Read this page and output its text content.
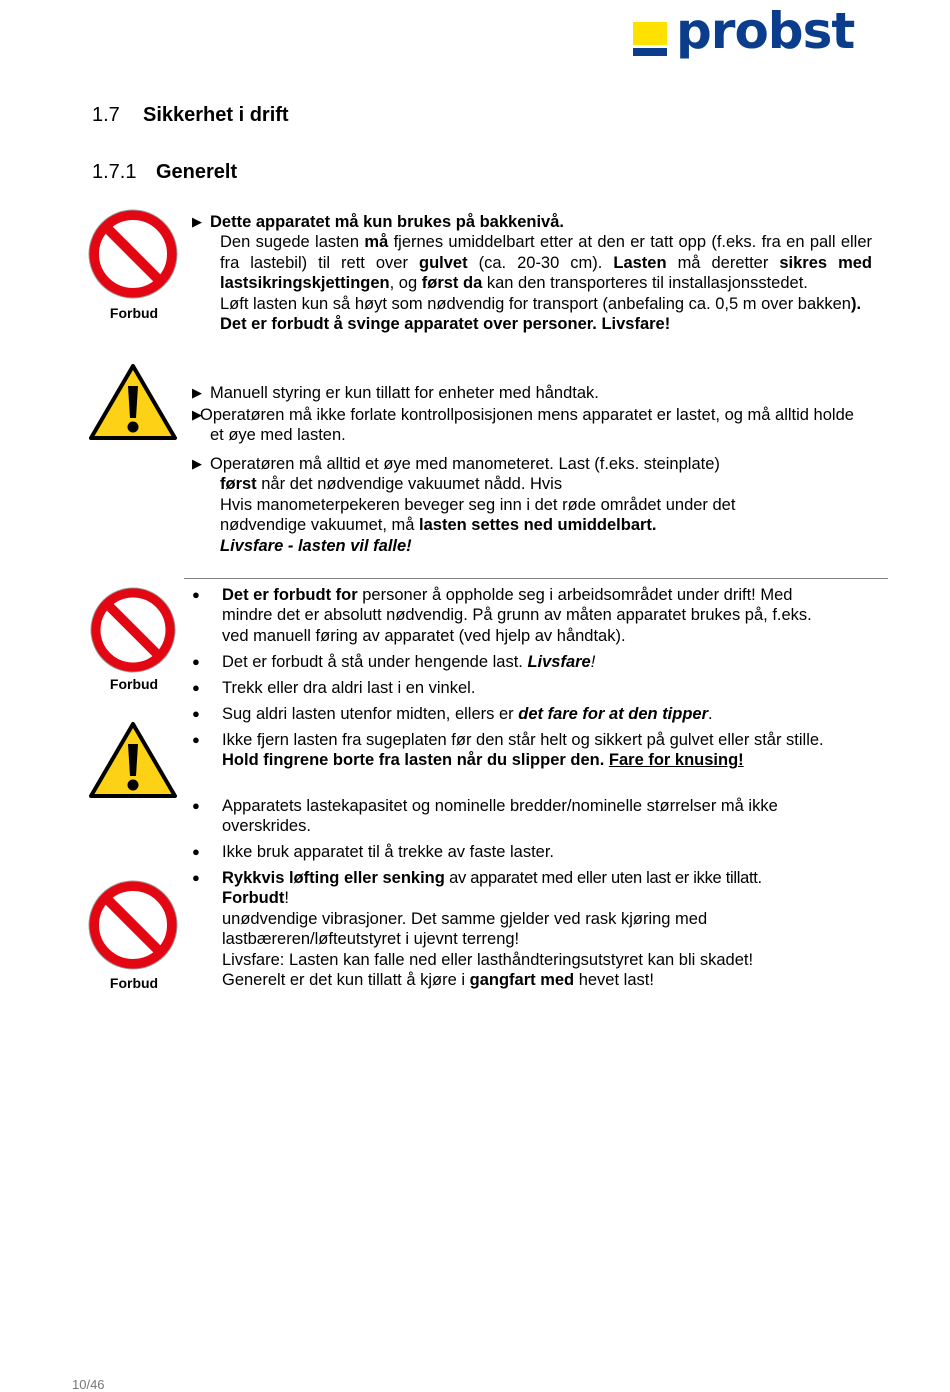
probst
1.7 Sikkerhet i drift
1.7.1 Generelt
Forbud
Forbud
Forbud
▶ Dette apparatet må kun brukes på bakkenivå.
Den sugede lasten må fjernes umiddelbart etter at den er tatt opp (f.eks. fra en pall eller fra lastebil) til rett over gulvet (ca. 20-30 cm). Lasten må deretter sikres med lastsikringskjettingen, og først da kan den transporteres til installasjonsstedet.
Løft lasten kun så høyt som nødvendig for transport (anbefaling ca. 0,5 m over bakken).
Det er forbudt å svinge apparatet over personer. Livsfare!
▶ Manuell styring er kun tillatt for enheter med håndtak.
▶
Operatøren må ikke forlate kontrollposisjonen mens apparatet er lastet, og må alltid holde et øye med lasten.
▶ Operatøren må alltid et øye med manometeret. Last (f.eks. steinplate)
først når det nødvendige vakuumet nådd. Hvis
Hvis manometerpekeren beveger seg inn i det røde området under det nødvendige vakuumet, må lasten settes ned umiddelbart.
Livsfare - lasten vil falle!
● Det er forbudt for personer å oppholde seg i arbeidsområdet under drift! Med mindre det er absolutt nødvendig. På grunn av måten apparatet brukes på, f.eks. ved manuell føring av apparatet (ved hjelp av håndtak).
● Det er forbudt å stå under hengende last. Livsfare!
● Trekk eller dra aldri last i en vinkel.
● Sug aldri lasten utenfor midten, ellers er det fare for at den tipper.
● Ikke fjern lasten fra sugeplaten før den står helt og sikkert på gulvet eller står stille.
Hold fingrene borte fra lasten når du slipper den. Fare for knusing!
● Apparatets lastekapasitet og nominelle bredder/nominelle størrelser må ikke overskrides.
● Ikke bruk apparatet til å trekke av faste laster.
● Rykkvis løfting eller senking av apparatet med eller uten last er ikke tillatt.
Forbudt!
unødvendige vibrasjoner. Det samme gjelder ved rask kjøring med lastbæreren/løfteutstyret i ujevnt terreng!
Livsfare: Lasten kan falle ned eller lasthåndteringsutstyret kan bli skadet!
Generelt er det kun tillatt å kjøre i gangfart med hevet last!
10/46
